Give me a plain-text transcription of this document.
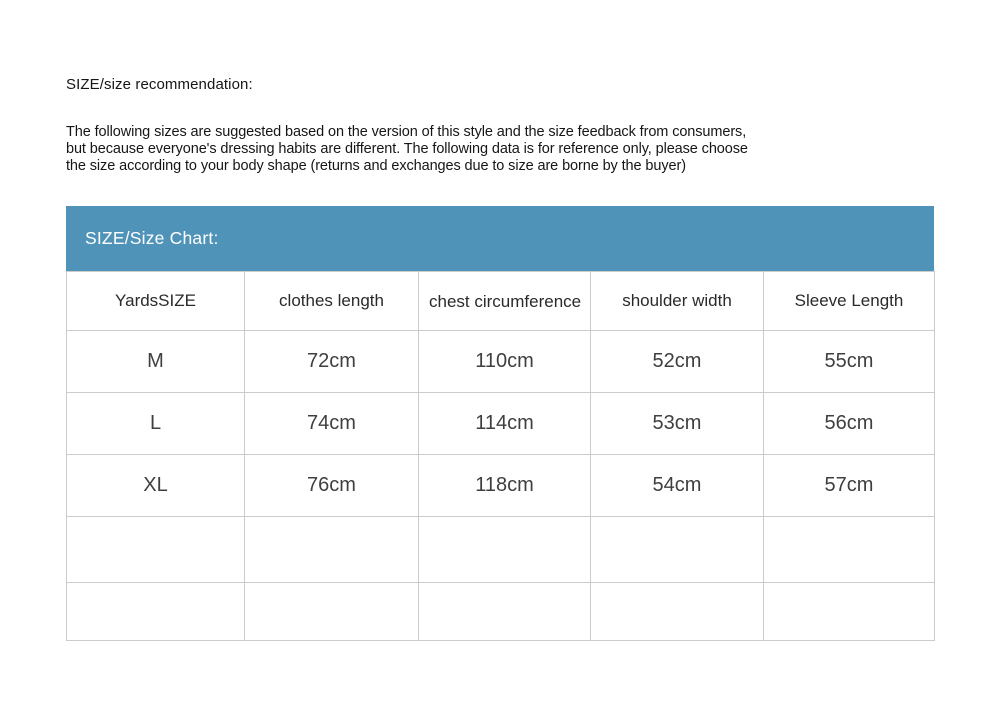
SIZE/size recommendation:
The following sizes are suggested based on the version of this style and the size feedback from consumers,
but because everyone's dressing habits are different. The following data is for reference only, please choose
the size according to your body shape (returns and exchanges due to size are borne by the buyer)
SIZE/Size Chart:
YardsSIZE	clothes length	chest circumference	shoulder width	Sleeve Length
M	72cm	110cm	52cm	55cm
L	74cm	114cm	53cm	56cm
XL	76cm	118cm	54cm	57cm
